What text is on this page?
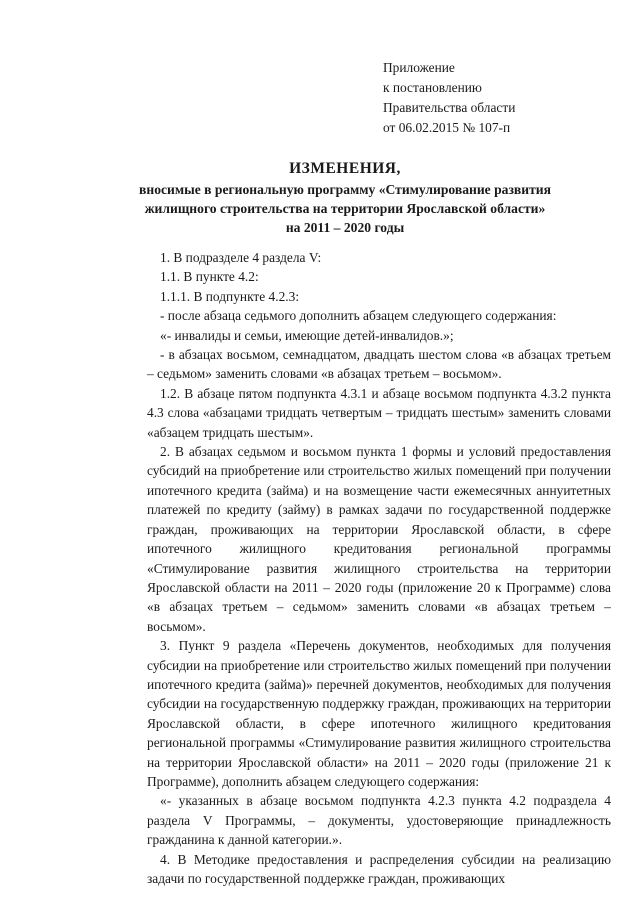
Приложение
к постановлению
Правительства области
от 06.02.2015 № 107-п
ИЗМЕНЕНИЯ,
вносимые в региональную программу «Стимулирование развития
жилищного строительства на территории Ярославской области»
на 2011 – 2020 годы

1. В подразделе 4 раздела V:

1.1. В пункте 4.2:

1.1.1. В подпункте 4.2.3:

- после абзаца седьмого дополнить абзацем следующего содержания:

«- инвалиды и семьи, имеющие детей-инвалидов.»;

- в абзацах восьмом, семнадцатом, двадцать шестом слова «в абзацах третьем – седьмом» заменить словами «в абзацах третьем – восьмом».

1.2. В абзаце пятом подпункта 4.3.1 и абзаце восьмом подпункта 4.3.2 пункта 4.3 слова «абзацами тридцать четвертым – тридцать шестым» заменить словами «абзацем тридцать шестым».

2. В абзацах седьмом и восьмом пункта 1 формы и условий предоставления субсидий на приобретение или строительство жилых помещений при получении ипотечного кредита (займа) и на возмещение части ежемесячных аннуитетных платежей по кредиту (займу) в рамках задачи по государственной поддержке граждан, проживающих на территории Ярославской области, в сфере ипотечного жилищного кредитования региональной программы «Стимулирование развития жилищного строительства на территории Ярославской области на 2011 – 2020 годы (приложение 20 к Программе) слова «в абзацах третьем – седьмом» заменить словами «в абзацах третьем – восьмом».

3. Пункт 9 раздела «Перечень документов, необходимых для получения субсидии на приобретение или строительство жилых помещений при получении ипотечного кредита (займа)» перечней документов, необходимых для получения субсидии на государственную поддержку граждан, проживающих на территории Ярославской области, в сфере ипотечного жилищного кредитования региональной программы «Стимулирование развития жилищного строительства на территории Ярославской области» на 2011 – 2020 годы (приложение 21 к Программе), дополнить абзацем следующего содержания:

«- указанных в абзаце восьмом подпункта 4.2.3 пункта 4.2 подраздела 4 раздела V Программы, – документы, удостоверяющие принадлежность гражданина к данной категории.».

4. В Методике предоставления и распределения субсидии на реализацию задачи по государственной поддержке граждан, проживающих
